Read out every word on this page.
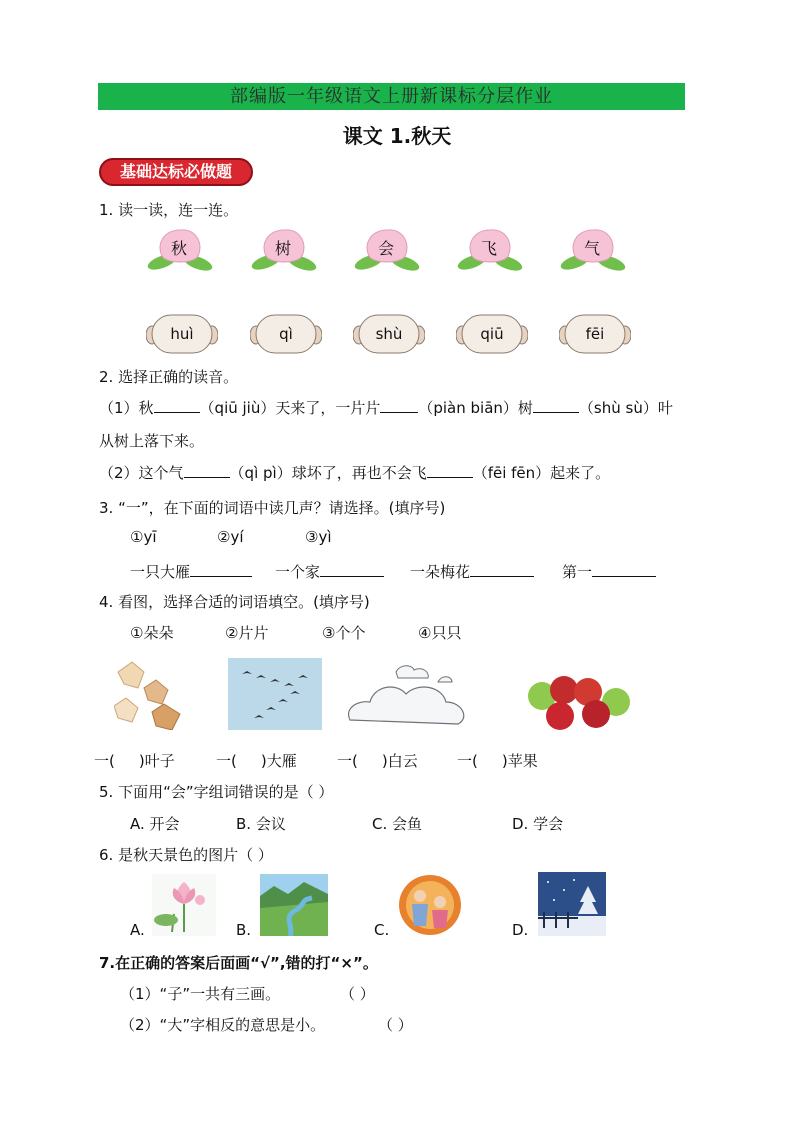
部编版一年级语文上册新课标分层作业
课文 1.秋天
基础达标必做题
1. 读一读，连一连。
秋	树	会	飞	气
huì	qì	shù	qiū	fēi
2. 选择正确的读音。
（1）秋	（qiū jiù）天来了，一片片	（piàn biān）树	（shù sù）叶
从树上落下来。
（2）这个气	（qì pì）球坏了，再也不会飞	（fēi fēn）起来了。
3. “一”，在下面的词语中读几声？请选择。(填序号)
①yī	②yí	③yì
一只大雁	一个家	一朵梅花	第一
4. 看图，选择合适的词语填空。(填序号)
①朵朵	②片片	③个个	④只只
一( )叶子	一( )大雁	一( )白云	一( )苹果
5. 下面用“会”字组词错误的是（ ）
A. 开会	B. 会议	C. 会鱼	D. 学会
6. 是秋天景色的图片（ ）
A.	B.	C.	D.
7.在正确的答案后面画“√”,错的打“×”。
（1）“子”一共有三画。	（ ）
（2）“大”字相反的意思是小。	（ ）
